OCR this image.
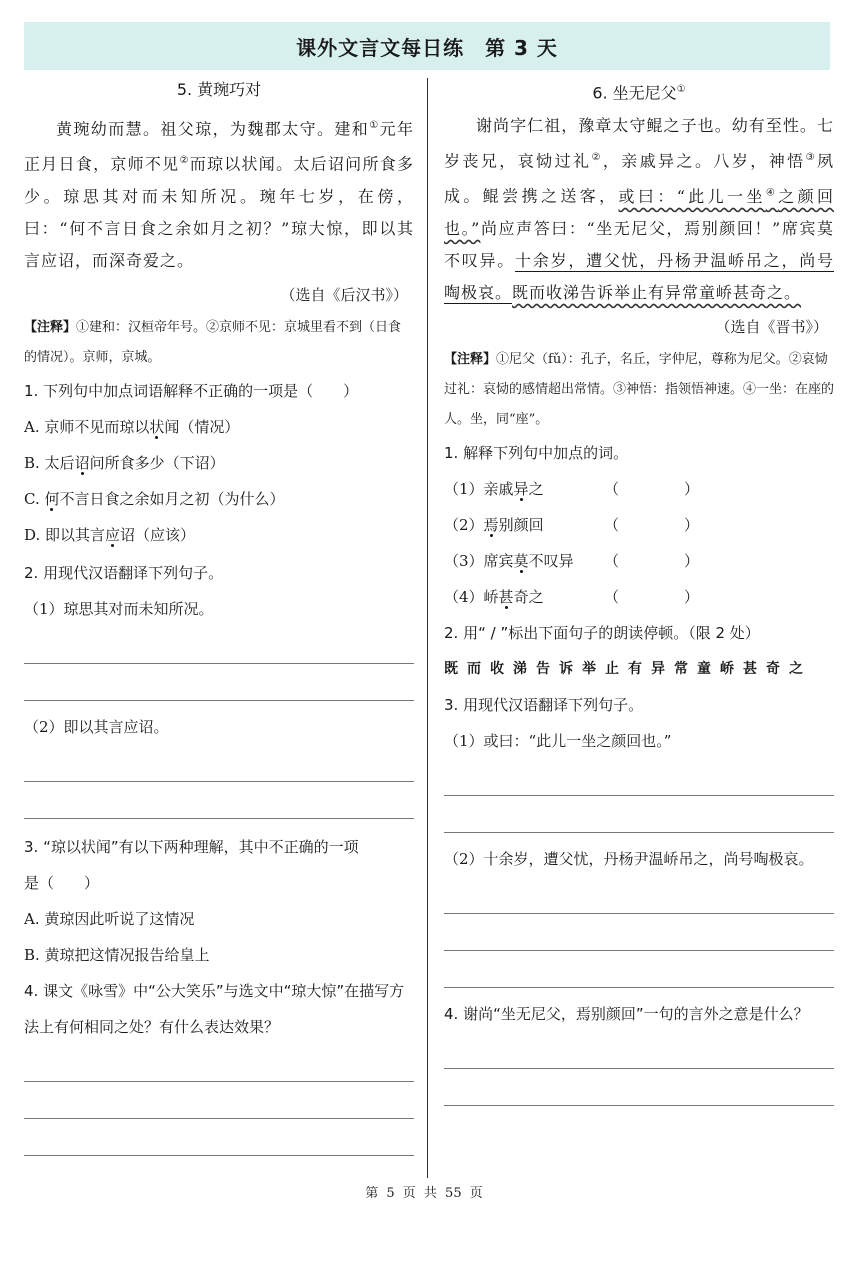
课外文言文每日练　第 3 天
5. 黄琬巧对
黄琬幼而慧。祖父琼，为魏郡太守。建和①元年正月日食，京师不见②而琼以状闻。太后诏问所食多少。琼思其对而未知所况。琬年七岁，在傍，曰：“何不言日食之余如月之初？”琼大惊，即以其言应诏，而深奇爱之。
（选自《后汉书》）
【注释】①建和：汉桓帝年号。②京师不见：京城里看不到（日食的情况）。京师，京城。
1. 下列句中加点词语解释不正确的一项是（　　）
A. 京师不见而琼以状闻（情况）
B. 太后诏问所食多少（下诏）
C. 何不言日食之余如月之初（为什么）
D. 即以其言应诏（应该）
2. 用现代汉语翻译下列句子。
（1）琼思其对而未知所况。
（2）即以其言应诏。
3. “琼以状闻”有以下两种理解，其中不正确的一项
是（　　）
A. 黄琼因此听说了这情况
B. 黄琼把这情况报告给皇上
4. 课文《咏雪》中“公大笑乐”与选文中“琼大惊”在描写方法上有何相同之处？有什么表达效果？
6. 坐无尼父①
谢尚字仁祖，豫章太守鲲之子也。幼有至性。七岁丧兄，哀恸过礼②，亲戚异之。八岁，神悟③夙成。鲲尝携之送客，或曰：“此儿一坐④之颜回也。”尚应声答曰：“坐无尼父，焉别颜回！”席宾莫不叹异。十余岁，遭父忧，丹杨尹温峤吊之，尚号啕极哀。既而收涕告诉举止有异常童峤甚奇之。
（选自《晋书》）
【注释】①尼父（fǔ）：孔子，名丘，字仲尼，尊称为尼父。②哀恸过礼：哀恸的感情超出常情。③神悟：指领悟神速。④一坐：在座的人。坐，同“座”。
1. 解释下列句中加点的词。
（1）亲戚异之	（	）
（2）焉别颜回	（	）
（3）席宾莫不叹异	（	）
（4）峤甚奇之	（	）
2. 用“ / ”标出下面句子的朗读停顿。（限 2 处）
既而收涕告诉举止有异常童峤甚奇之
3. 用现代汉语翻译下列句子。
（1）或曰：“此儿一坐之颜回也。”
（2）十余岁，遭父忧，丹杨尹温峤吊之，尚号啕极哀。
4. 谢尚“坐无尼父，焉别颜回”一句的言外之意是什么？
第 5 页 共 55 页
